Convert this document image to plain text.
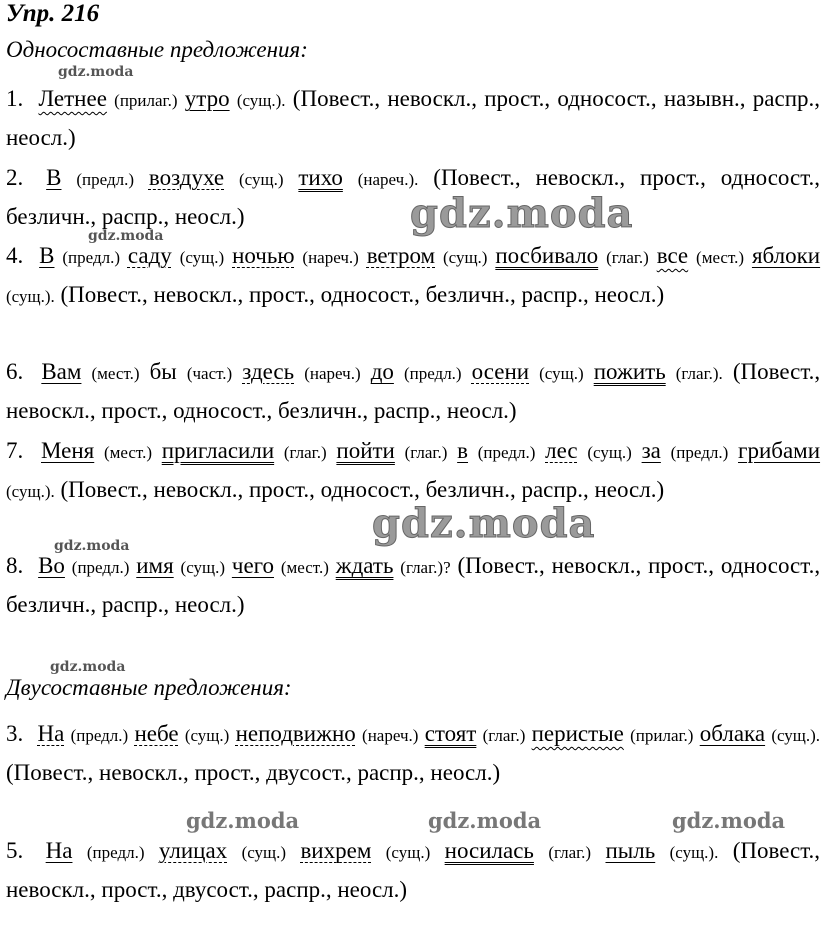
Упр. 216
Односоставные предложения:
1. Летнее (прилаг.) утро (сущ.). (Повест., невоскл., прост., односост., назывн., распр., неосл.)
2. В (предл.) воздухе (сущ.) тихо (нареч.). (Повест., невоскл., прост., односост., безличн., распр., неосл.)
4. В (предл.) саду (сущ.) ночью (нареч.) ветром (сущ.) посбивало (глаг.) все (мест.) яблоки (сущ.). (Повест., невоскл., прост., односост., безличн., распр., неосл.)
6. Вам (мест.) бы (част.) здесь (нареч.) до (предл.) осени (сущ.) пожить (глаг.). (Повест., невоскл., прост., односост., безличн., распр., неосл.)
7. Меня (мест.) пригласили (глаг.) пойти (глаг.) в (предл.) лес (сущ.) за (предл.) грибами (сущ.). (Повест., невоскл., прост., односост., безличн., распр., неосл.)
8. Во (предл.) имя (сущ.) чего (мест.) ждать (глаг.)? (Повест., невоскл., прост., односост., безличн., распр., неосл.)
Двусоставные предложения:
3. На (предл.) небе (сущ.) неподвижно (нареч.) стоят (глаг.) перистые (прилаг.) облака (сущ.). (Повест., невоскл., прост., двусост., распр., неосл.)
5. На (предл.) улицах (сущ.) вихрем (сущ.) носилась (глаг.) пыль (сущ.). (Повест., невоскл., прост., двусост., распр., неосл.)
gdz.moda
gdz.moda
gdz.moda
gdz.moda
gdz.moda
gdz.moda
gdz.moda	gdz.moda	gdz.moda
